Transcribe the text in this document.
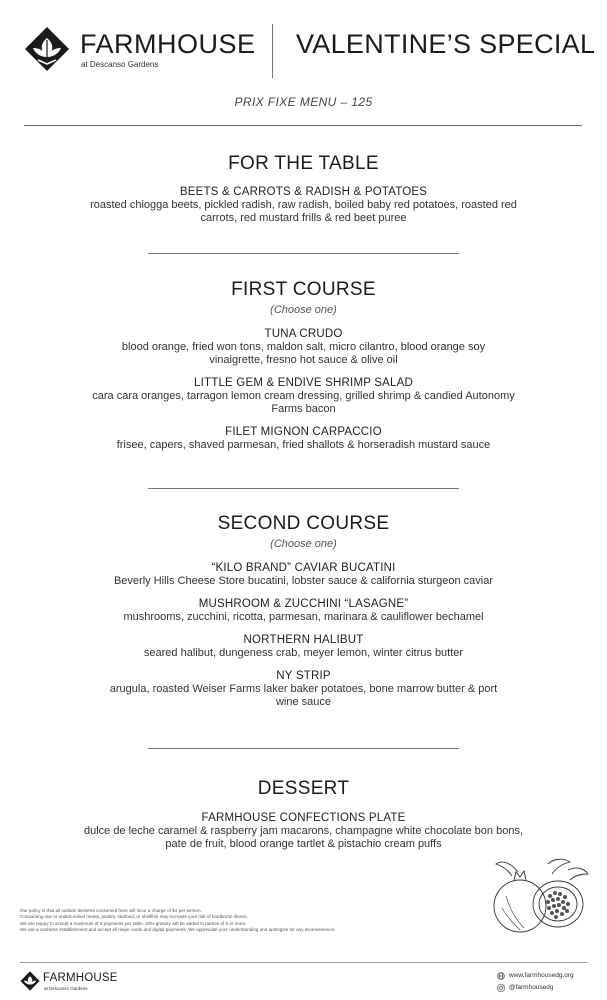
FARMHOUSE
at Descanso Gardens
VALENTINE’S SPECIAL
PRIX FIXE MENU – 125
FOR THE TABLE
BEETS & CARROTS & RADISH & POTATOES
roasted chiogga beets, pickled radish, raw radish, boiled baby red potatoes, roasted red carrots, red mustard frills & red beet puree
FIRST COURSE
(Choose one)
TUNA CRUDO
blood orange, fried won tons, maldon salt, micro cilantro, blood orange soy vinaigrette, fresno hot sauce & olive oil
LITTLE GEM & ENDIVE SHRIMP SALAD
cara cara oranges, tarragon lemon cream dressing, grilled shrimp & candied Autonomy Farms bacon
FILET MIGNON CARPACCIO
frisee, capers, shaved parmesan, fried shallots & horseradish mustard sauce
SECOND COURSE
(Choose one)
“KILO BRAND” CAVIAR BUCATINI
Beverly Hills Cheese Store bucatini, lobster sauce & california sturgeon caviar
MUSHROOM & ZUCCHINI “LASAGNE”
mushrooms, zucchini, ricotta, parmesan, marinara & cauliflower bechamel
NORTHERN HALIBUT
seared halibut, dungeness crab, meyer lemon, winter citrus butter
NY STRIP
arugula, roasted Weiser Farms laker baker potatoes, bone marrow butter & port wine sauce
DESSERT
FARMHOUSE CONFECTIONS PLATE
dulce de leche caramel & raspberry jam macarons, champagne white chocolate bon bons, pate de fruit, blood orange tartlet & pistachio cream puffs
Our policy is that all outside desserts consumed here will incur a charge of $4 per person.
Consuming raw or undercooked meats, poultry, seafood, or shellfish may increase your risk of foodborne illness.
We are happy to accept a maximum of 3 payments per table. 20% gratuity will be added to parties of 6 or more.
We are a cashless establishment and accept all major cards and digital payments. We appreciate your understanding and apologize for any inconvenience.
FARMHOUSE
at Descanso Gardens
www.farmhousedg.org
@farmhousedg
